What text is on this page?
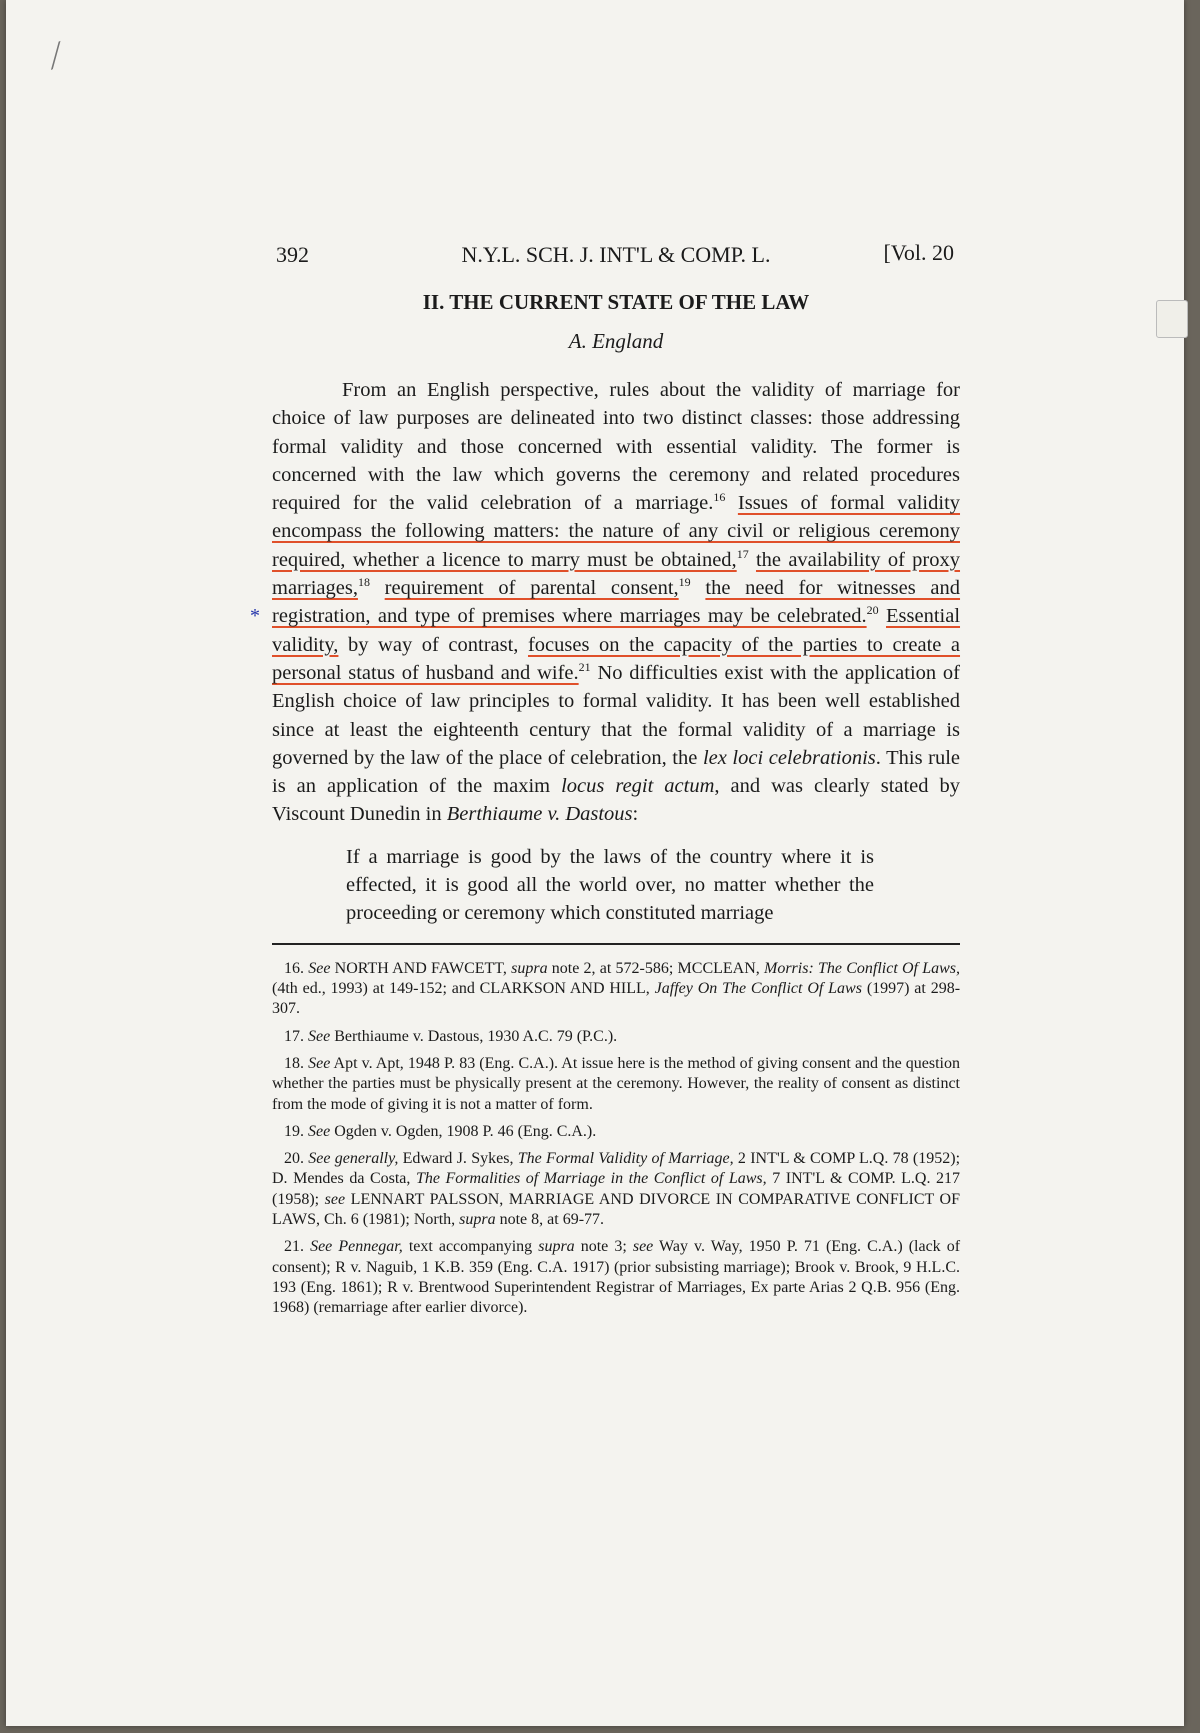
⟋
392	N.Y.L. SCH. J. INT'L & COMP. L.	[Vol. 20
II. THE CURRENT STATE OF THE LAW
A. England
*

From an English perspective, rules about the validity of marriage for choice of law purposes are delineated into two distinct classes: those addressing formal validity and those concerned with essential validity. The former is concerned with the law which governs the ceremony and related procedures required for the valid celebration of a marriage.$^{16}$ Issues of formal validity encompass the following matters: the nature of any civil or religious ceremony required, whether a licence to marry must be obtained,$^{17}$ the availability of proxy marriages,$^{18}$ requirement of parental consent,$^{19}$ the need for witnesses and registration, and type of premises where marriages may be celebrated.$^{20}$ Essential validity, by way of contrast, focuses on the capacity of the parties to create a personal status of husband and wife.$^{21}$ No difficulties exist with the application of English choice of law principles to formal validity. It has been well established since at least the eighteenth century that the formal validity of a marriage is governed by the law of the place of celebration, the lex loci celebrationis. This rule is an application of the maxim locus regit actum, and was clearly stated by Viscount Dunedin in Berthiaume v. Dastous:

If a marriage is good by the laws of the country where it is effected, it is good all the world over, no matter whether the proceeding or ceremony which constituted marriage
16. See NORTH AND FAWCETT, supra note 2, at 572-586; MCCLEAN, Morris: The Conflict Of Laws, (4th ed., 1993) at 149-152; and CLARKSON AND HILL, Jaffey On The Conflict Of Laws (1997) at 298-307.
17. See Berthiaume v. Dastous, 1930 A.C. 79 (P.C.).
18. See Apt v. Apt, 1948 P. 83 (Eng. C.A.). At issue here is the method of giving consent and the question whether the parties must be physically present at the ceremony. However, the reality of consent as distinct from the mode of giving it is not a matter of form.
19. See Ogden v. Ogden, 1908 P. 46 (Eng. C.A.).
20. See generally, Edward J. Sykes, The Formal Validity of Marriage, 2 INT'L & COMP L.Q. 78 (1952); D. Mendes da Costa, The Formalities of Marriage in the Conflict of Laws, 7 INT'L & COMP. L.Q. 217 (1958); see LENNART PALSSON, MARRIAGE AND DIVORCE IN COMPARATIVE CONFLICT OF LAWS, Ch. 6 (1981); North, supra note 8, at 69-77.
21. See Pennegar, text accompanying supra note 3; see Way v. Way, 1950 P. 71 (Eng. C.A.) (lack of consent); R v. Naguib, 1 K.B. 359 (Eng. C.A. 1917) (prior subsisting marriage); Brook v. Brook, 9 H.L.C. 193 (Eng. 1861); R v. Brentwood Superintendent Registrar of Marriages, Ex parte Arias 2 Q.B. 956 (Eng. 1968) (remarriage after earlier divorce).
